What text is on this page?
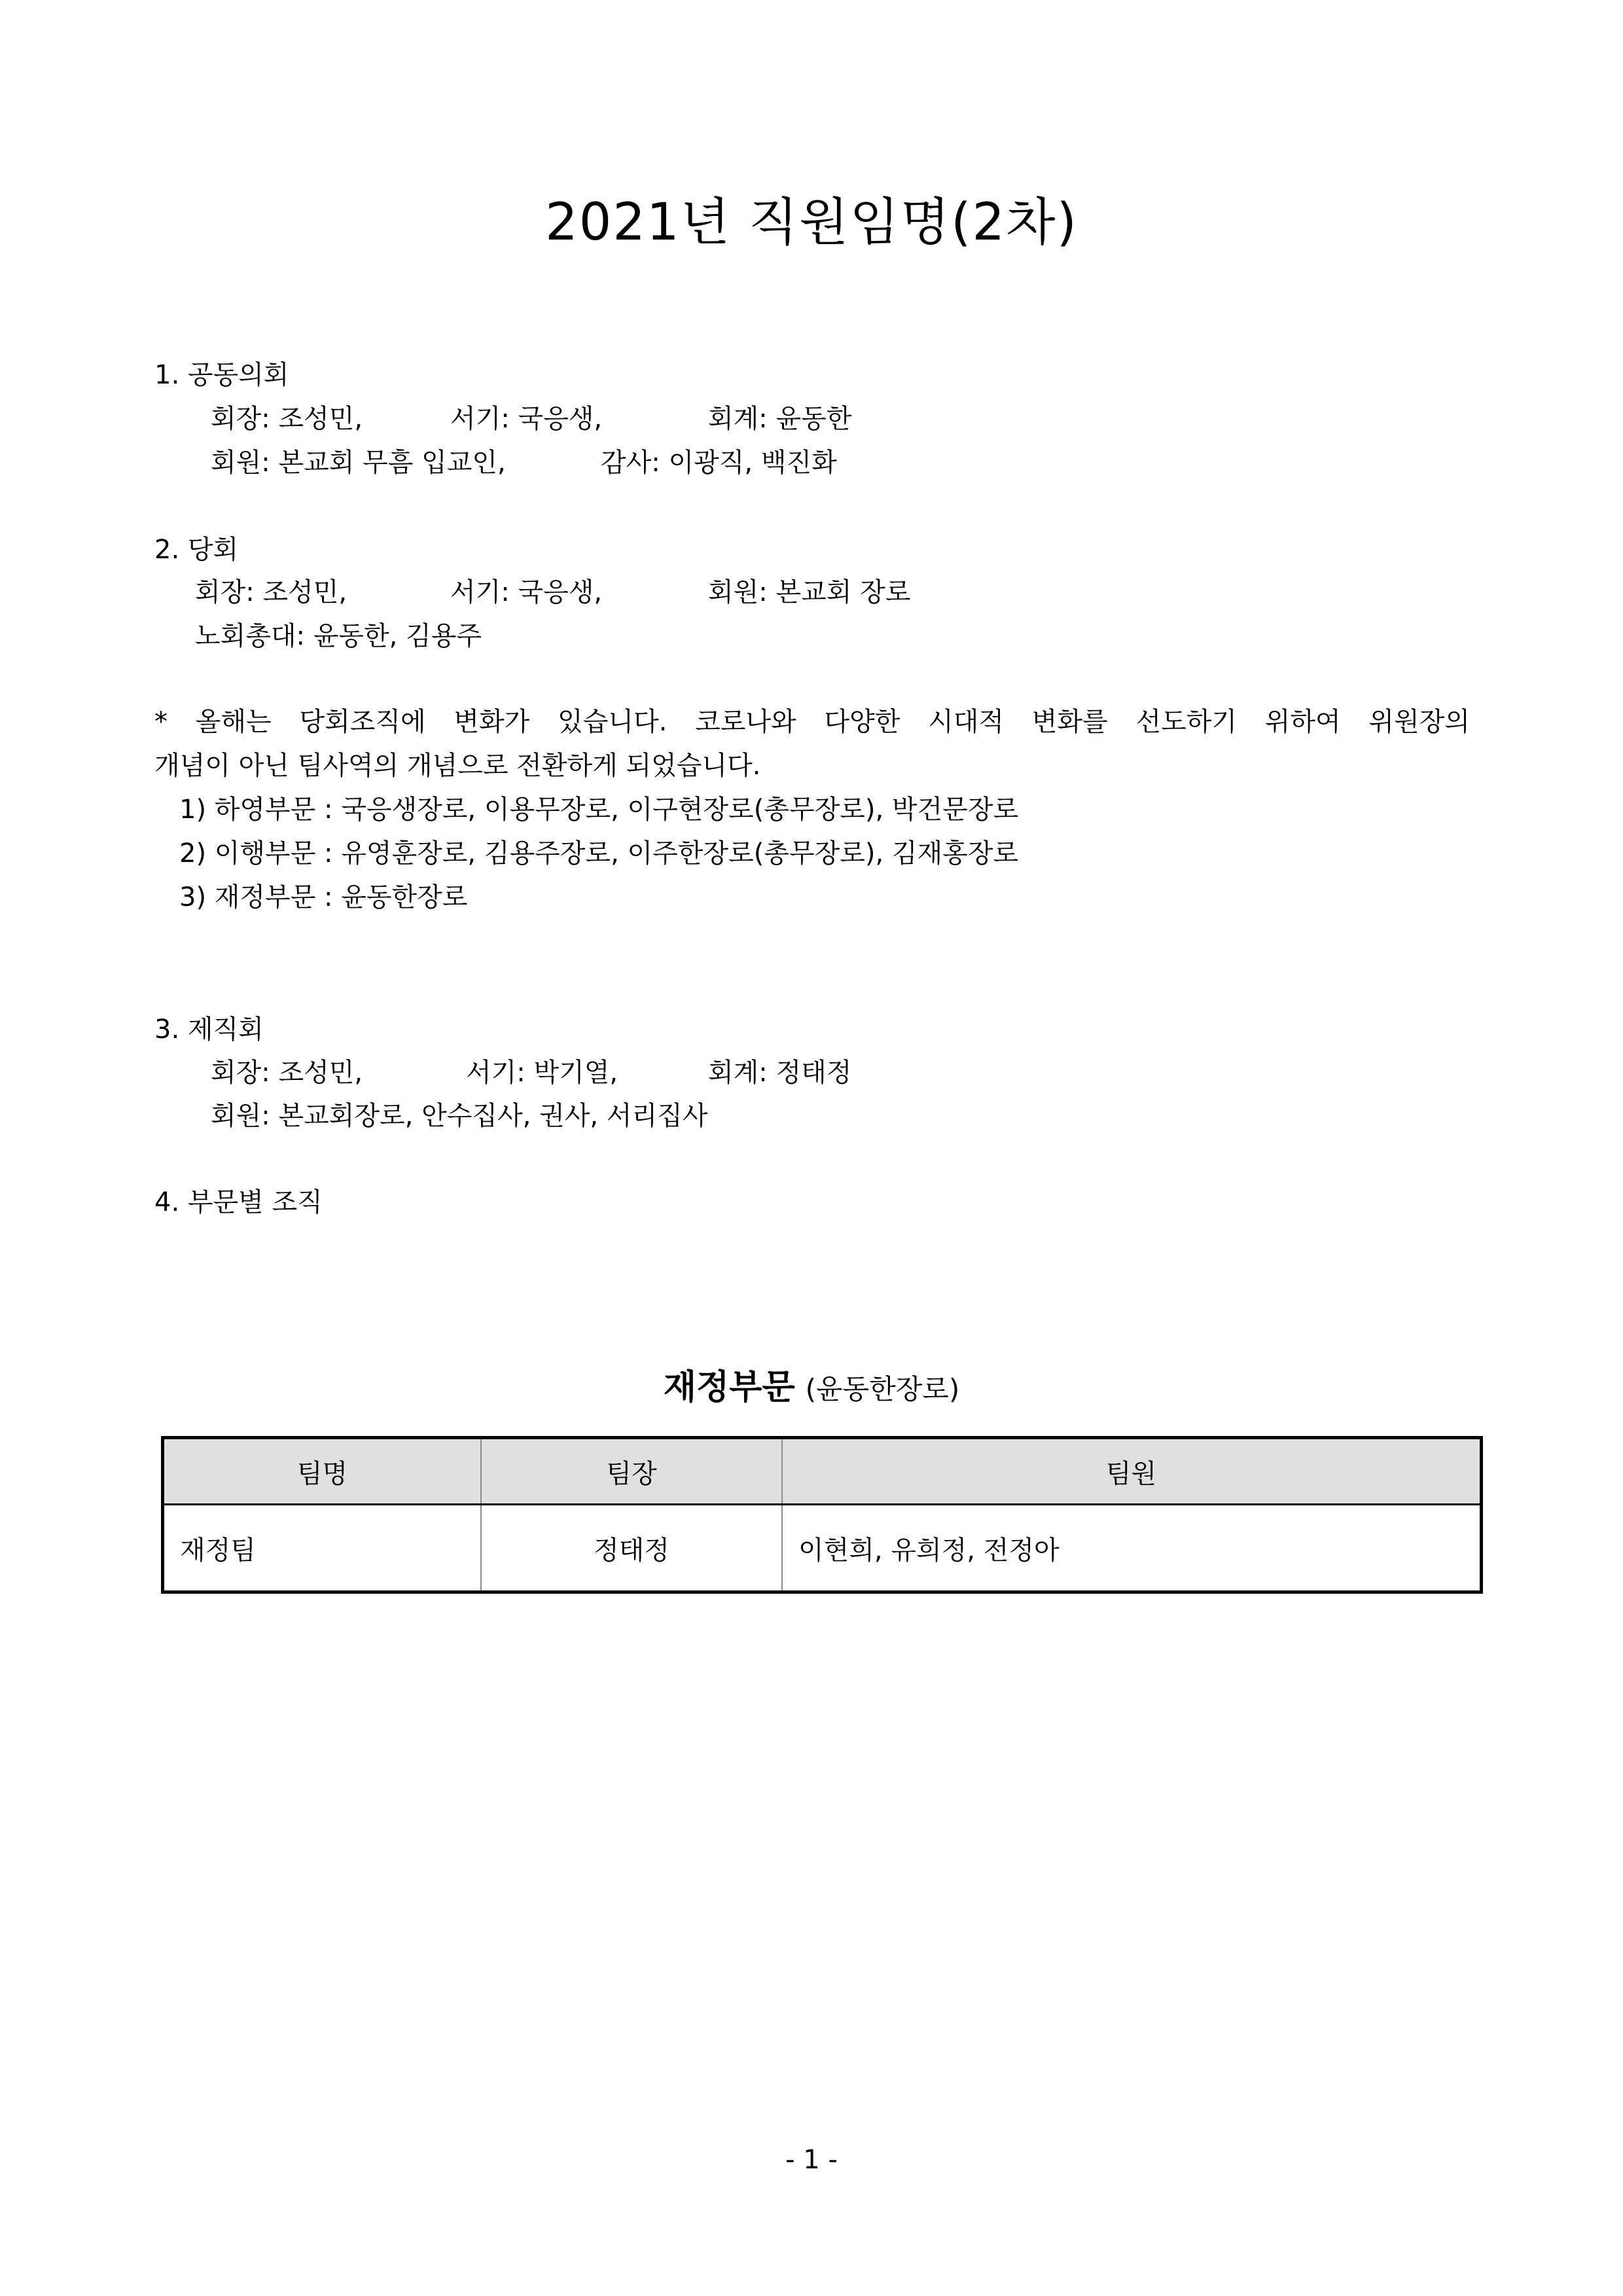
2021년 직원임명(2차)
1. 공동의회
회장: 조성민,	서기: 국응생,	회계: 윤동한
회원: 본교회 무흠 입교인,	감사: 이광직, 백진화
2. 당회
회장: 조성민,	서기: 국응생,	회원: 본교회 장로
노회총대: 윤동한, 김용주
* 올해는 당회조직에 변화가 있습니다. 코로나와 다양한 시대적 변화를 선도하기 위하여 위원장의
개념이 아닌 팀사역의 개념으로 전환하게 되었습니다.
1) 하영부문 : 국응생장로, 이용무장로, 이구현장로(총무장로), 박건문장로
2) 이행부문 : 유영훈장로, 김용주장로, 이주한장로(총무장로), 김재홍장로
3) 재정부문 : 윤동한장로
3. 제직회
회장: 조성민,	서기: 박기열,	회계: 정태정
회원: 본교회장로, 안수집사, 권사, 서리집사
4. 부문별 조직
재정부문 (윤동한장로)
팀명	팀장	팀원
재정팀	정태정	이현희, 유희정, 전정아
- 1 -
